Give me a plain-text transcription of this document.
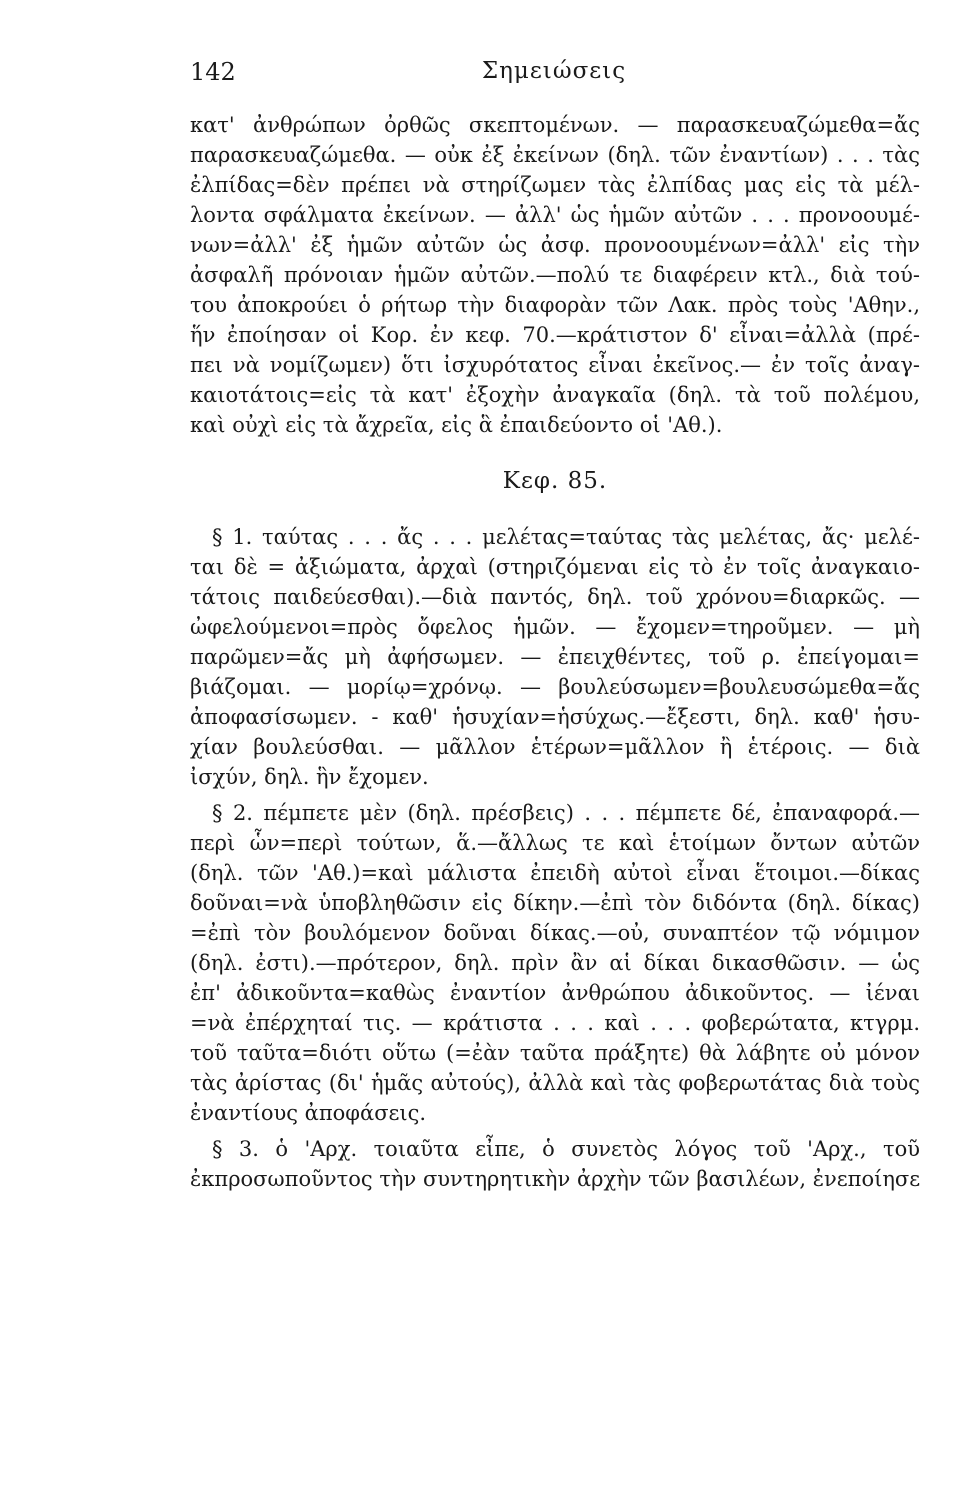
142	Σημειώσεις
κατ' ἀνθρώπων ὀρθῶς σκεπτομένων. — παρασκευαζώμεθα=ἄς
παρασκευαζώμεθα. — οὐκ ἐξ ἐκείνων (δηλ. τῶν ἐναντίων) . . . τὰς
ἐλπίδας=δὲν πρέπει νὰ στηρίζωμεν τὰς ἐλπίδας μας εἰς τὰ μέλ-
λοντα σφάλματα ἐκείνων. — ἀλλ' ὡς ἡμῶν αὐτῶν . . . προνοουμέ-
νων=ἀλλ' ἐξ ἡμῶν αὐτῶν ὡς ἀσφ. προνοουμένων=ἀλλ' εἰς τὴν
ἀσφαλῆ πρόνοιαν ἡμῶν αὐτῶν.—πολύ τε διαφέρειν κτλ., διὰ τού-
του ἀποκρούει ὁ ρήτωρ τὴν διαφορὰν τῶν Λακ. πρὸς τοὺς 'Αθην.,
ἥν ἐποίησαν οἱ Κορ. ἐν κεφ. 70.—κράτιστον δ' εἶναι=ἀλλὰ (πρέ-
πει νὰ νομίζωμεν) ὅτι ἰσχυρότατος εἶναι ἐκεῖνος.— ἐν τοῖς ἀναγ-
καιοτάτοις=εἰς τὰ κατ' ἐξοχὴν ἀναγκαῖα (δηλ. τὰ τοῦ πολέμου,
καὶ οὐχὶ εἰς τὰ ἄχρεῖα, εἰς ἃ ἐπαιδεύοντο οἱ 'Αθ.).
Κεφ. 85.
§ 1. ταύτας . . . ἄς . . . μελέτας=ταύτας τὰς μελέτας, ἄς· μελέ-
ται δὲ = ἀξιώματα, ἀρχαὶ (στηριζόμεναι εἰς τὸ ἐν τοῖς ἀναγκαιο-
τάτοις παιδεύεσθαι).—διὰ παντός, δηλ. τοῦ χρόνου=διαρκῶς. —
ὠφελούμενοι=πρὸς ὄφελος ἡμῶν. — ἔχομεν=τηροῦμεν. — μὴ
παρῶμεν=ἄς μὴ ἀφήσωμεν. — ἐπειχθέντες, τοῦ ρ. ἐπείγομαι=
βιάζομαι. — μορίῳ=χρόνῳ. — βουλεύσωμεν=βουλευσώμεθα=ἄς
ἀποφασίσωμεν. - καθ' ἡσυχίαν=ἡσύχως.—ἔξεστι, δηλ. καθ' ἡσυ-
χίαν βουλεύσθαι. — μᾶλλον ἑτέρων=μᾶλλον ἢ ἑτέροις. — διὰ
ἰσχύν, δηλ. ἣν ἔχομεν.
§ 2. πέμπετε μὲν (δηλ. πρέσβεις) . . . πέμπετε δέ, ἐπαναφορά.—
περὶ ὧν=περὶ τούτων, ἅ.—ἄλλως τε καὶ ἑτοίμων ὄντων αὐτῶν
(δηλ. τῶν 'Αθ.)=καὶ μάλιστα ἐπειδὴ αὐτοὶ εἶναι ἕτοιμοι.—δίκας
δοῦναι=νὰ ὑποβληθῶσιν εἰς δίκην.—ἐπὶ τὸν διδόντα (δηλ. δίκας)
=ἐπὶ τὸν βουλόμενον δοῦναι δίκας.—οὐ, συναπτέον τῷ νόμιμον
(δηλ. ἐστι).—πρότερον, δηλ. πρὶν ἂν αἱ δίκαι δικασθῶσιν. — ὡς
ἐπ' ἀδικοῦντα=καθὼς ἐναντίον ἀνθρώπου ἀδικοῦντος. — ἰέναι
=νὰ ἐπέρχηταί τις. — κράτιστα . . . καὶ . . . φοβερώτατα, κτγρμ.
τοῦ ταῦτα=διότι οὕτω (=ἐὰν ταῦτα πράξητε) θὰ λάβητε οὐ μόνον
τὰς ἀρίστας (δι' ἡμᾶς αὐτούς), ἀλλὰ καὶ τὰς φοβερωτάτας διὰ τοὺς
ἐναντίους ἀποφάσεις.
§ 3. ὁ 'Αρχ. τοιαῦτα εἶπε, ὁ συνετὸς λόγος τοῦ 'Αρχ., τοῦ
ἐκπροσωποῦντος τὴν συντηρητικὴν ἀρχὴν τῶν βασιλέων, ἐνεποίησε
